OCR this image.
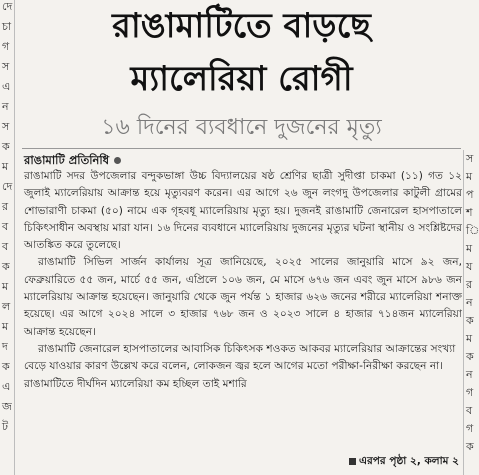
দে
চা
গ
স
এ
ন
স
ক
ম
দে
র
ব
ব
ক
ম
ল
ম
দ
ক
এ
জ
ট
স
ম
প
শ
ি
ম
য
র
ন
ক
ম
ক
ন
গ
ব
গ
ক
রাঙামাটিতে বাড়ছে
ম্যালেরিয়া রোগী
১৬ দিনের ব্যবধানে দুজনের মৃত্যু
রাঙামাটি প্রতিনিধি

রাঙামাটি সদর উপজেলার বন্দুকভাঙ্গা উচ্চ বিদ্যালয়ের ষষ্ঠ শ্রেণির ছাত্রী সুদীপ্তা চাকমা (১১) গত ১২ জুলাই ম্যালেরিয়ায় আক্রান্ত হয়ে মৃত্যুবরণ করেন। এর আগে ২৬ জুন লংগদু উপজেলার কাটুলী গ্রামের শোভারাণী চাকমা (৫০) নামে এক গৃহবধূ ম্যালেরিয়ায় মৃত্যু হয়। দুজনই রাঙামাটি জেনারেল হাসপাতালে চিকিৎসাধীন অবস্থায় মারা যান। ১৬ দিনের ব্যবধানে ম্যালেরিয়ায় দুজনের মৃত্যুর ঘটনা স্থানীয় ও সংশ্লিষ্টদের আতঙ্কিত করে তুলেছে।

রাঙামাটি সিভিল সার্জন কার্যালয় সূত্র জানিয়েছে, ২০২৫ সালের জানুয়ারি মাসে ৯২ জন, ফেব্রুয়ারিতে ৫৫ জন, মার্চে ৫৫ জন, এপ্রিলে ১০৬ জন, মে মাসে ৬৭৬ জন এবং জুন মাসে ৯৮৬ জন ম্যালেরিয়ায় আক্রান্ত হয়েছেন। জানুয়ারি থেকে জুন পর্যন্ত ১ হাজার ৬২৬ জনের শরীরে ম্যালেরিয়া শনাক্ত হয়েছে। এর আগে ২০২৪ সালে ৩ হাজার ৭৬৮ জন ও ২০২৩ সালে ৪ হাজার ৭১৪জন ম্যালেরিয়া আক্রান্ত হয়েছেন।

রাঙামাটি জেনারেল হাসপাতালের আবাসিক চিকিৎসক শওকত আকবর ম্যালেরিয়ার আক্রান্তের সংখ্যা বেড়ে যাওয়ার কারণ উল্লেখ করে বলেন, লোকজন জ্বর হলে আগের মতো পরীক্ষা-নিরীক্ষা করছেন না। রাঙামাটিতে দীর্ঘদিন ম্যালেরিয়া কম হচ্ছিল তাই মশারি

এরপর পৃষ্ঠা ২, কলাম ২
